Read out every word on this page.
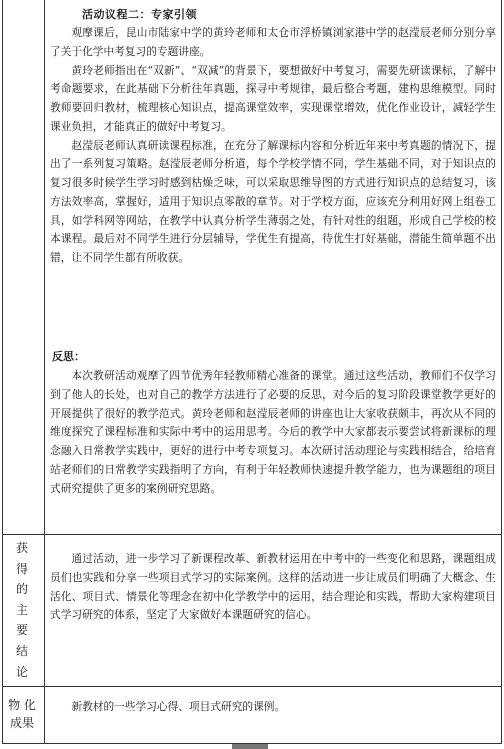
活动议程二：专家引领

观摩课后，昆山市陆家中学的黄玲老师和太仓市浮桥镇浏家港中学的赵滢辰老师分别分享了关于化学中考复习的专题讲座。

黄玲老师指出在“双新”、“双减”的背景下，要想做好中考复习，需要先研读课标，了解中考命题要求，在此基础下分析往年真题，探寻中考规律，最后整合考题，建构思维模型。同时教师要回归教材，梳理核心知识点，提高课堂效率，实现课堂增效，优化作业设计，减轻学生课业负担，才能真正的做好中考复习。

赵滢辰老师认真研读课程标准，在充分了解课标内容和分析近年来中考真题的情况下，提出了一系列复习策略。赵滢辰老师分析道，每个学校学情不同，学生基础不同，对于知识点的复习很多时候学生学习时感到枯燥乏味，可以采取思维导图的方式进行知识点的总结复习，该方法效率高，掌握好，适用于知识点零散的章节。对于学校方面，应该充分利用好网上组卷工具，如学科网等网站，在教学中认真分析学生薄弱之处，有针对性的组题，形成自己学校的校本课程。最后对不同学生进行分层辅导，学优生有提高，待优生打好基础，潜能生简单题不出错，让不同学生都有所收获。

反思：

本次教研活动观摩了四节优秀年轻教师精心准备的课堂。通过这些活动，教师们不仅学习到了他人的长处，也对自己的教学方法进行了必要的反思，对今后的复习阶段课堂教学更好的开展提供了很好的教学范式。黄玲老师和赵滢辰老师的讲座也让大家收获颇丰，再次从不同的维度探究了课程标准和实际中考中的运用思考。今后的教学中大家都表示要尝试将新课标的理念融入日常教学实践中，更好的进行中考专项复习。本次研讨活动理论与实践相结合，给培育站老师们的日常教学实践指明了方向，有利于年轻教师快速提升教学能力，也为课题组的项目式研究提供了更多的案例研究思路。

获
得
的
主
要
结
论

通过活动，进一步学习了新课程改革、新教材运用在中考中的一些变化和思路，课题组成员们也实践和分享一些项目式学习的实际案例。这样的活动进一步让成员们明确了大概念、生活化、项目式、情景化等理念在初中化学教学中的运用，结合理论和实践，帮助大家构建项目式学习研究的体系，坚定了大家做好本课题研究的信心。

物 化
成果

新教材的一些学习心得、项目式研究的课例。
